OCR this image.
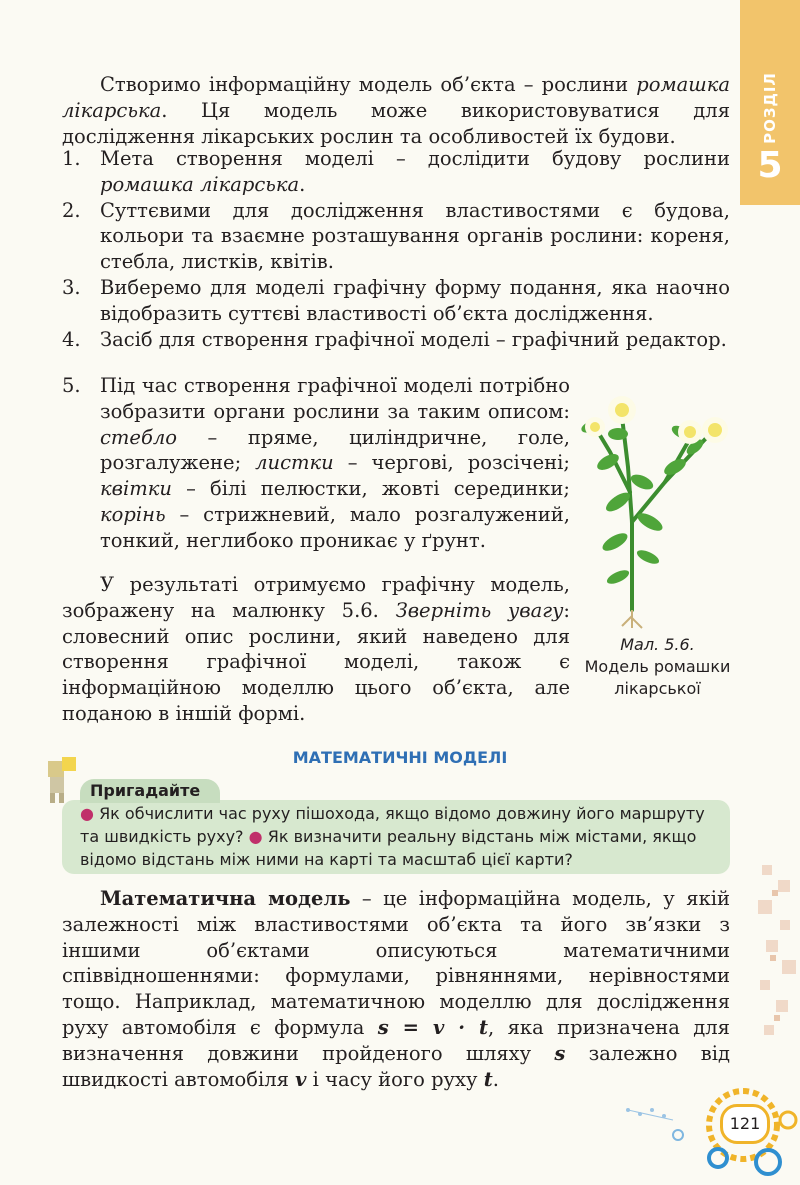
РОЗДІЛ
5
Створимо інформаційну модель об’єкта – рослини ромашка лікарська. Ця модель може використовуватися для дослідження лікарських рослин та особливостей їх будови.
1. Мета створення моделі – дослідити будову рослини ромашка лікарська.
2. Суттєвими для дослідження властивостями є будова, кольори та взаємне розташування органів рослини: кореня, стебла, листків, квітів.
3. Виберемо для моделі графічну форму подання, яка наочно відобразить суттєві властивості об’єкта дослідження.
4. Засіб для створення графічної моделі – графічний редактор.
5. Під час створення графічної моделі потрібно зобразити органи рослини за таким описом: стебло – пряме, циліндричне, голе, розгалужене; листки – чергові, розсічені; квітки – білі пелюстки, жовті серединки; корінь – стрижневий, мало розгалужений, тонкий, неглибоко проникає у ґрунт.
У результаті отримуємо графічну модель, зображену на малюнку 5.6. Зверніть увагу: словесний опис рослини, який наведено для створення графічної моделі, також є інформаційною моделлю цього об’єкта, але поданою в іншій формі.
Мал. 5.6.
Модель ромашки лікарської
МАТЕМАТИЧНІ МОДЕЛІ
● Як обчислити час руху пішохода, якщо відомо довжину його маршруту та швидкість руху? ● Як визначити реальну відстань між містами, якщо відомо відстань між ними на карті та масштаб цієї карти?
Пригадайте
Математична модель – це інформаційна модель, у якій залежності між властивостями об’єкта та його зв’язки з іншими об’єктами описуються математичними співвідношеннями: формулами, рівняннями, нерівностями тощо. Наприклад, математичною моделлю для дослідження руху автомобіля є формула s = v · t, яка призначена для визначення довжини пройденого шляху s залежно від швидкості автомобіля v і часу його руху t.
121
